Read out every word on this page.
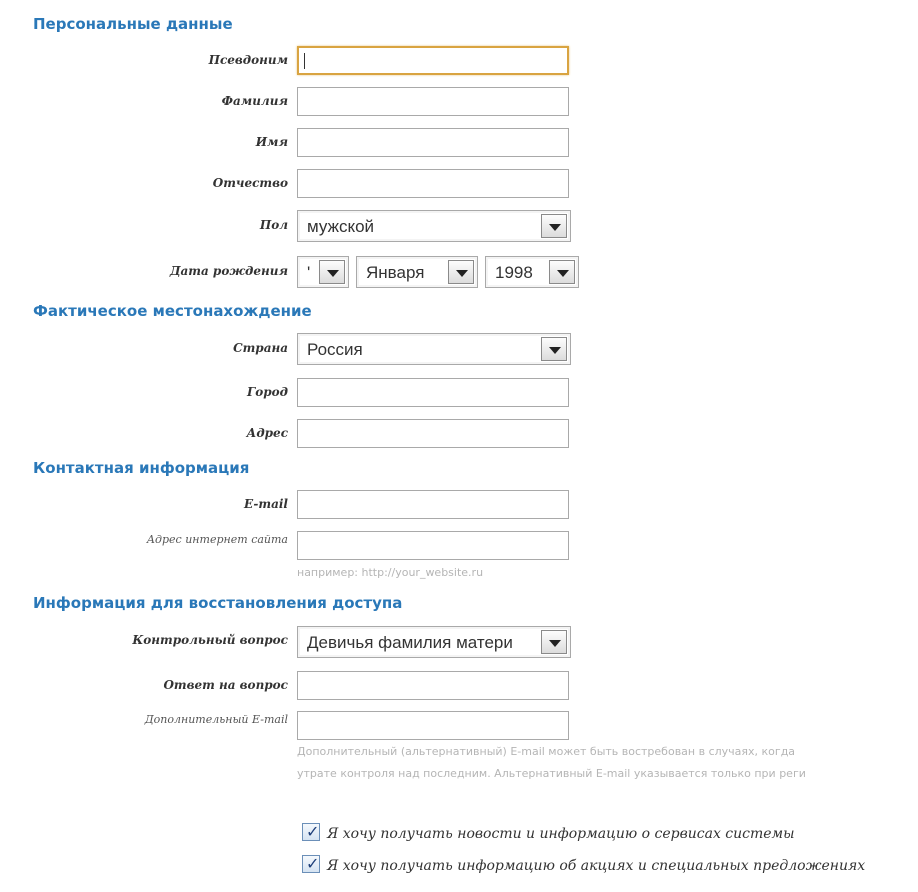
Персональные данные
Псевдоним
Фамилия
Имя
Отчество
Пол мужской
Дата рождения '	Января	1998
Фактическое местонахождение
Страна Россия
Город
Адрес
Контактная информация
E-mail
Адрес интернет сайта
например: http://your_website.ru
Информация для восстановления доступа
Контрольный вопрос Девичья фамилия матери
Ответ на вопрос
Дополнительный E-mail
Дополнительный (альтернативный) E-mail может быть востребован в случаях, когда
утрате контроля над последним. Альтернативный E-mail указывается только при реги
✓ Я хочу получать новости и информацию о сервисах системы
✓ Я хочу получать информацию об акциях и специальных предложениях
